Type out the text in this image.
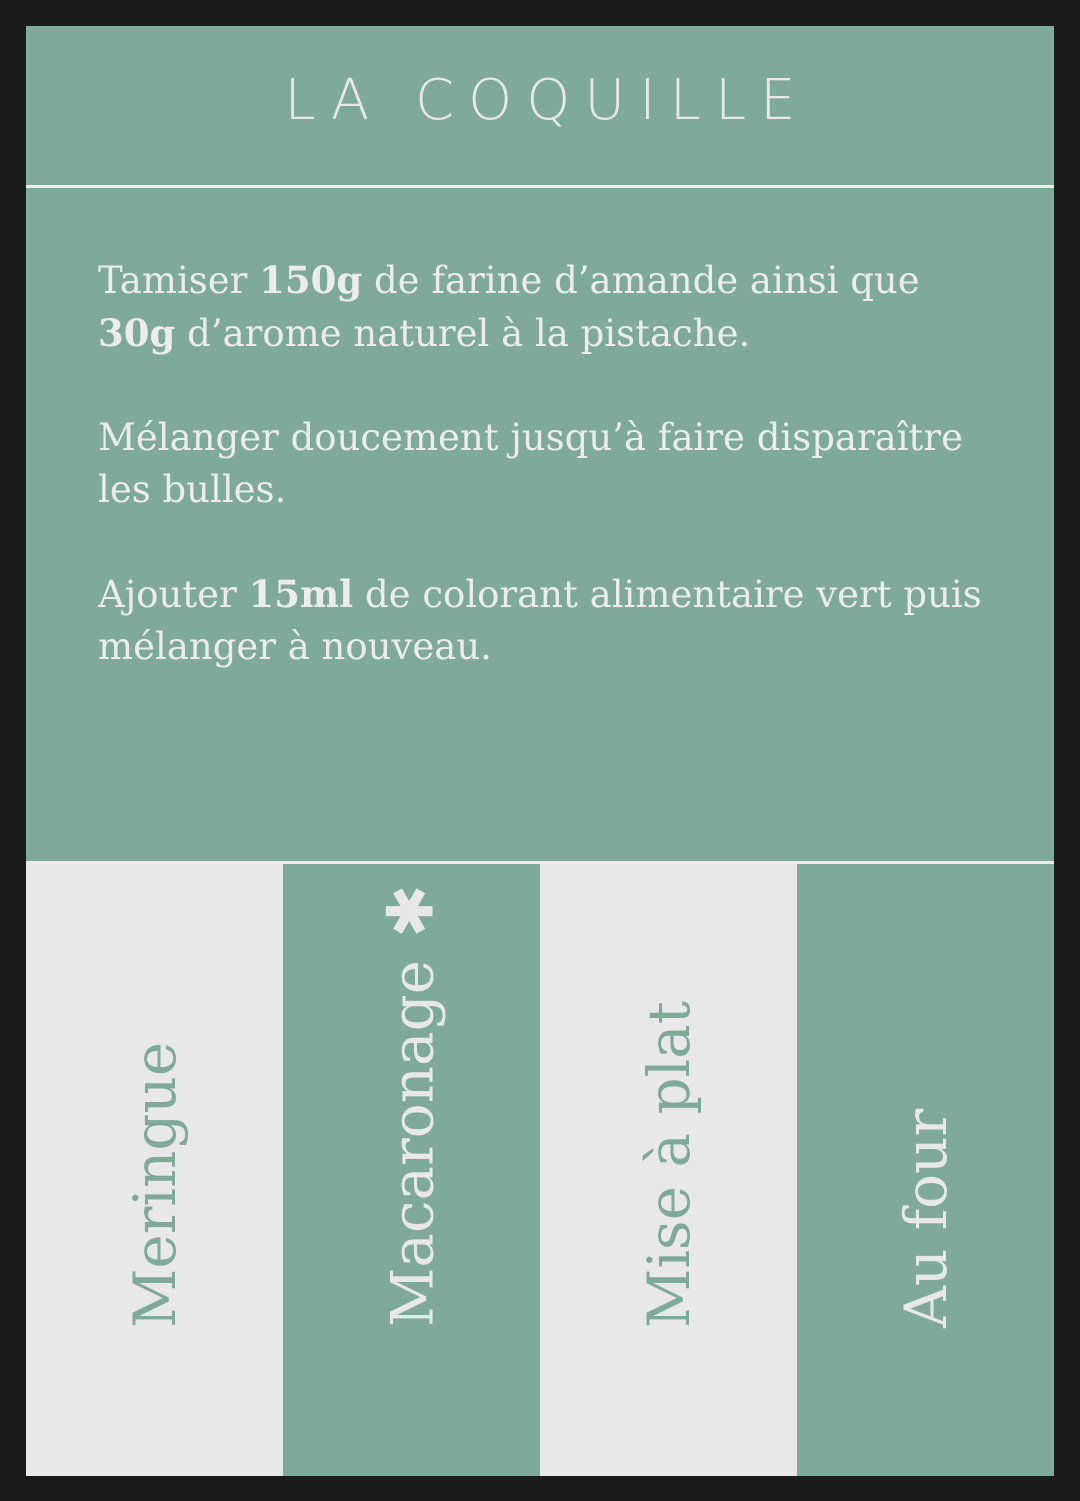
LA COQUILLE

Tamiser 150g de farine d’amande ainsi que 30g d’arome naturel à la pistache.

Mélanger doucement jusqu’à faire disparaître les bulles.

Ajouter 15ml de colorant alimentaire vert puis mélanger à nouveau.

Meringue	Macaronage✱
Mise à plat	Au four
